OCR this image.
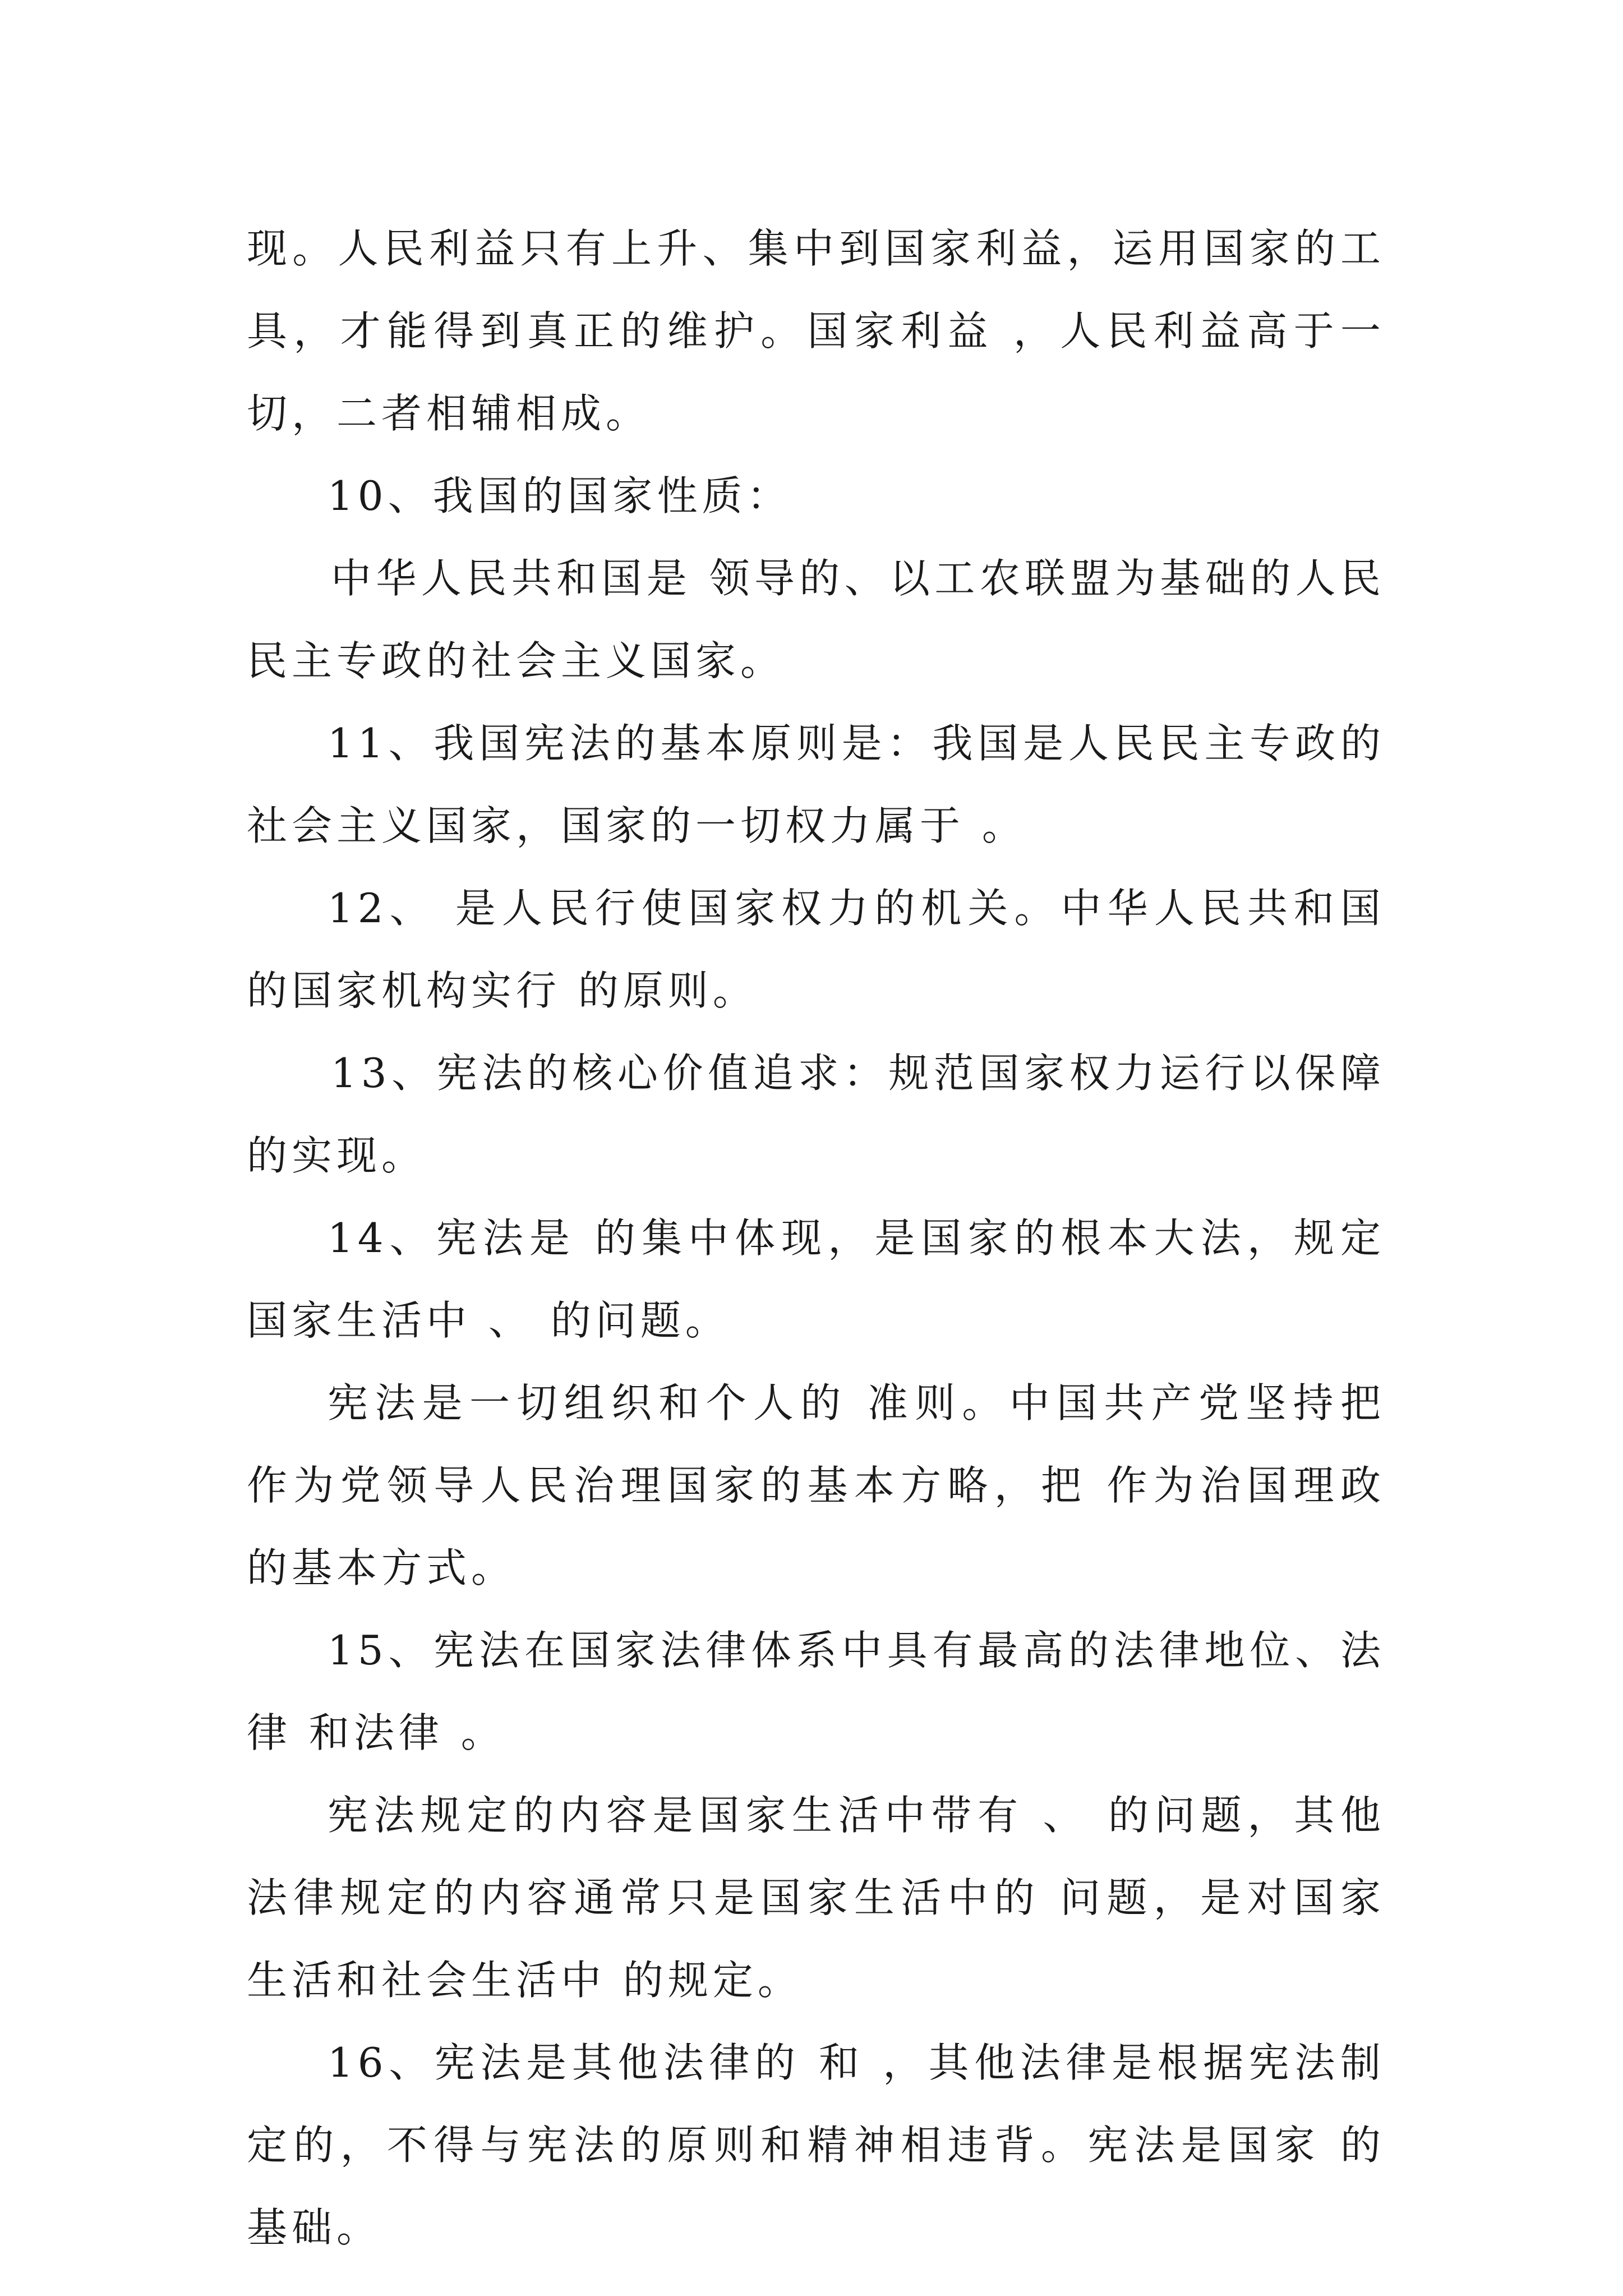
现。人民利益只有上升、集中到国家利益，运用国家的工具，才能得到真正的维护。国家利益 ，人民利益高于一切，二者相辅相成。

10、我国的国家性质：

中华人民共和国是 领导的、以工农联盟为基础的人民民主专政的社会主义国家。

11、我国宪法的基本原则是：我国是人民民主专政的社会主义国家，国家的一切权力属于 。

12、 是人民行使国家权力的机关。中华人民共和国的国家机构实行 的原则。

13、宪法的核心价值追求：规范国家权力运行以保障 的实现。

14、宪法是 的集中体现，是国家的根本大法，规定国家生活中 、 的问题。

宪法是一切组织和个人的 准则。中国共产党坚持把 作为党领导人民治理国家的基本方略，把 作为治国理政的基本方式。

15、宪法在国家法律体系中具有最高的法律地位、法律 和法律 。

宪法规定的内容是国家生活中带有 、 的问题，其他法律规定的内容通常只是国家生活中的 问题，是对国家生活和社会生活中 的规定。

16、宪法是其他法律的 和 ，其他法律是根据宪法制定的，不得与宪法的原则和精神相违背。宪法是国家 的基础。
